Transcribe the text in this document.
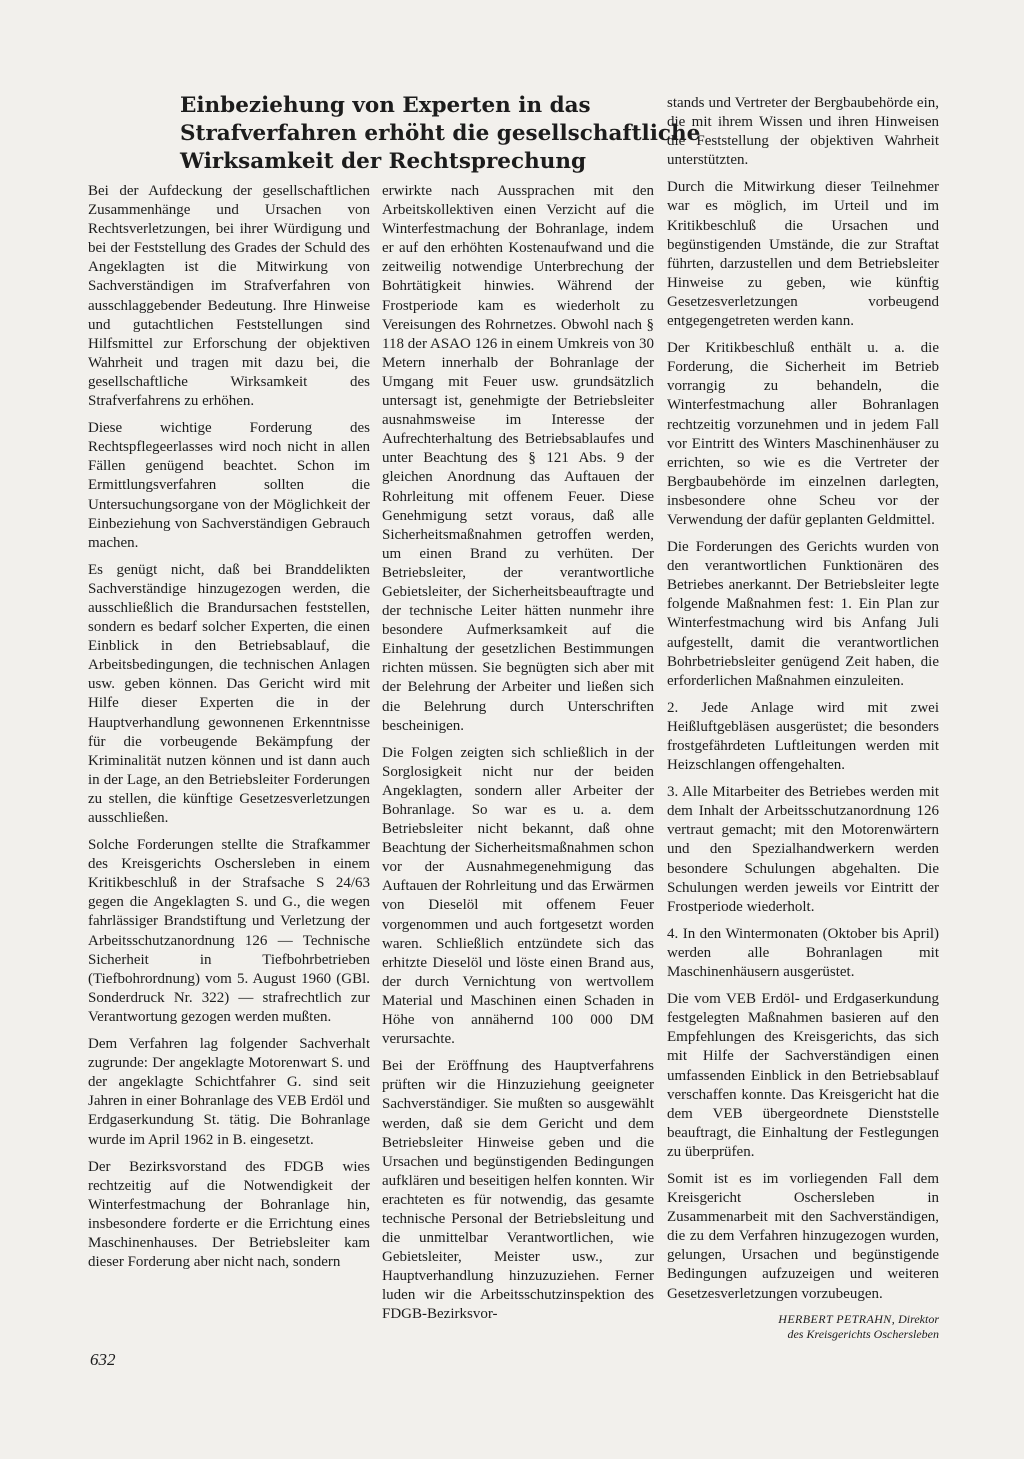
Einbeziehung von Experten in das
Strafverfahren erhöht die gesellschaftliche
Wirksamkeit der Rechtsprechung

Bei der Aufdeckung der gesellschaftlichen Zusammenhänge und Ursachen von Rechtsverletzungen, bei ihrer Würdigung und bei der Feststellung des Grades der Schuld des Angeklagten ist die Mitwirkung von Sachverständigen im Strafverfahren von ausschlaggebender Bedeutung. Ihre Hinweise und gutachtlichen Feststellungen sind Hilfsmittel zur Erforschung der objektiven Wahrheit und tragen mit dazu bei, die gesellschaftliche Wirksamkeit des Strafverfahrens zu erhöhen.

Diese wichtige Forderung des Rechtspflegeerlasses wird noch nicht in allen Fällen genügend beachtet. Schon im Ermittlungsverfahren sollten die Untersuchungsorgane von der Möglichkeit der Einbeziehung von Sachverständigen Gebrauch machen.

Es genügt nicht, daß bei Branddelikten Sachverständige hinzugezogen werden, die ausschließlich die Brandursachen feststellen, sondern es bedarf solcher Experten, die einen Einblick in den Betriebsablauf, die Arbeitsbedingungen, die technischen Anlagen usw. geben können. Das Gericht wird mit Hilfe dieser Experten die in der Hauptverhandlung gewonnenen Erkenntnisse für die vorbeugende Bekämpfung der Kriminalität nutzen können und ist dann auch in der Lage, an den Betriebsleiter Forderungen zu stellen, die künftige Gesetzesverletzungen ausschließen.

Solche Forderungen stellte die Strafkammer des Kreisgerichts Oschersleben in einem Kritikbeschluß in der Strafsache S 24/63 gegen die Angeklagten S. und G., die wegen fahrlässiger Brandstiftung und Verletzung der Arbeitsschutzanordnung 126 — Technische Sicherheit in Tiefbohrbetrieben (Tiefbohrordnung) vom 5. August 1960 (GBl. Sonderdruck Nr. 322) — strafrechtlich zur Verantwortung gezogen werden mußten.

Dem Verfahren lag folgender Sachverhalt zugrunde: Der angeklagte Motorenwart S. und der angeklagte Schichtfahrer G. sind seit Jahren in einer Bohranlage des VEB Erdöl und Erdgaserkundung St. tätig. Die Bohranlage wurde im April 1962 in B. eingesetzt.

Der Bezirksvorstand des FDGB wies rechtzeitig auf die Notwendigkeit der Winterfestmachung der Bohranlage hin, insbesondere forderte er die Errichtung eines Maschinenhauses. Der Betriebsleiter kam dieser Forderung aber nicht nach, sondern

erwirkte nach Aussprachen mit den Arbeitskollektiven einen Verzicht auf die Winterfestmachung der Bohranlage, indem er auf den erhöhten Kostenaufwand und die zeitweilig notwendige Unterbrechung der Bohrtätigkeit hinwies. Während der Frostperiode kam es wiederholt zu Vereisungen des Rohrnetzes. Obwohl nach § 118 der ASAO 126 in einem Umkreis von 30 Metern innerhalb der Bohranlage der Umgang mit Feuer usw. grundsätzlich untersagt ist, genehmigte der Betriebsleiter ausnahmsweise im Interesse der Aufrechterhaltung des Betriebsablaufes und unter Beachtung des § 121 Abs. 9 der gleichen Anordnung das Auftauen der Rohrleitung mit offenem Feuer. Diese Genehmigung setzt voraus, daß alle Sicherheitsmaßnahmen getroffen werden, um einen Brand zu verhüten. Der Betriebsleiter, der verantwortliche Gebietsleiter, der Sicherheitsbeauftragte und der technische Leiter hätten nunmehr ihre besondere Aufmerksamkeit auf die Einhaltung der gesetzlichen Bestimmungen richten müssen. Sie begnügten sich aber mit der Belehrung der Arbeiter und ließen sich die Belehrung durch Unterschriften bescheinigen.

Die Folgen zeigten sich schließlich in der Sorglosigkeit nicht nur der beiden Angeklagten, sondern aller Arbeiter der Bohranlage. So war es u. a. dem Betriebsleiter nicht bekannt, daß ohne Beachtung der Sicherheitsmaßnahmen schon vor der Ausnahmegenehmigung das Auftauen der Rohrleitung und das Erwärmen von Dieselöl mit offenem Feuer vorgenommen und auch fortgesetzt worden waren. Schließlich entzündete sich das erhitzte Dieselöl und löste einen Brand aus, der durch Vernichtung von wertvollem Material und Maschinen einen Schaden in Höhe von annähernd 100 000 DM verursachte.

Bei der Eröffnung des Hauptverfahrens prüften wir die Hinzuziehung geeigneter Sachverständiger. Sie mußten so ausgewählt werden, daß sie dem Gericht und dem Betriebsleiter Hinweise geben und die Ursachen und begünstigenden Bedingungen aufklären und beseitigen helfen konnten. Wir erachteten es für notwendig, das gesamte technische Personal der Betriebsleitung und die unmittelbar Verantwortlichen, wie Gebietsleiter, Meister usw., zur Hauptverhandlung hinzuzuziehen. Ferner luden wir die Arbeitsschutzinspektion des FDGB-Bezirksvor-

stands und Vertreter der Bergbaubehörde ein, die mit ihrem Wissen und ihren Hinweisen die Feststellung der objektiven Wahrheit unterstützten.

Durch die Mitwirkung dieser Teilnehmer war es möglich, im Urteil und im Kritikbeschluß die Ursachen und begünstigenden Umstände, die zur Straftat führten, darzustellen und dem Betriebsleiter Hinweise zu geben, wie künftig Gesetzesverletzungen vorbeugend entgegengetreten werden kann.

Der Kritikbeschluß enthält u. a. die Forderung, die Sicherheit im Betrieb vorrangig zu behandeln, die Winterfestmachung aller Bohranlagen rechtzeitig vorzunehmen und in jedem Fall vor Eintritt des Winters Maschinenhäuser zu errichten, so wie es die Vertreter der Bergbaubehörde im einzelnen darlegten, insbesondere ohne Scheu vor der Verwendung der dafür geplanten Geldmittel.

Die Forderungen des Gerichts wurden von den verantwortlichen Funktionären des Betriebes anerkannt. Der Betriebsleiter legte folgende Maßnahmen fest: 1. Ein Plan zur Winterfestmachung wird bis Anfang Juli aufgestellt, damit die verantwortlichen Bohrbetriebsleiter genügend Zeit haben, die erforderlichen Maßnahmen einzuleiten.

2. Jede Anlage wird mit zwei Heißluftgebläsen ausgerüstet; die besonders frostgefährdeten Luftleitungen werden mit Heizschlangen offengehalten.

3. Alle Mitarbeiter des Betriebes werden mit dem Inhalt der Arbeitsschutzanordnung 126 vertraut gemacht; mit den Motorenwärtern und den Spezialhandwerkern werden besondere Schulungen abgehalten. Die Schulungen werden jeweils vor Eintritt der Frostperiode wiederholt.

4. In den Wintermonaten (Oktober bis April) werden alle Bohranlagen mit Maschinenhäusern ausgerüstet.

Die vom VEB Erdöl- und Erdgaserkundung festgelegten Maßnahmen basieren auf den Empfehlungen des Kreisgerichts, das sich mit Hilfe der Sachverständigen einen umfassenden Einblick in den Betriebsablauf verschaffen konnte. Das Kreisgericht hat die dem VEB übergeordnete Dienststelle beauftragt, die Einhaltung der Festlegungen zu überprüfen.

Somit ist es im vorliegenden Fall dem Kreisgericht Oschersleben in Zusammenarbeit mit den Sachverständigen, die zu dem Verfahren hinzugezogen wurden, gelungen, Ursachen und begünstigende Bedingungen aufzuzeigen und weiteren Gesetzesverletzungen vorzubeugen.

HERBERT PETRAHN, Direktor
des Kreisgerichts Oschersleben
632
